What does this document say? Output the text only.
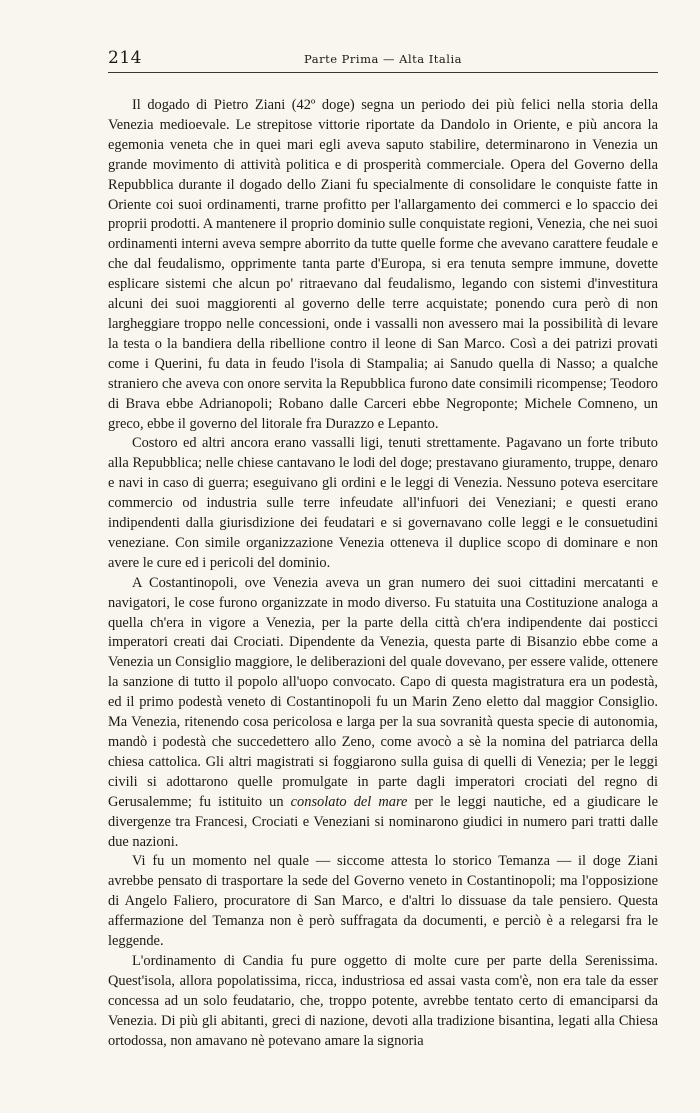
214	Parte Prima — Alta Italia

Il dogado di Pietro Ziani (42º doge) segna un periodo dei più felici nella storia della Venezia medioevale. Le strepitose vittorie riportate da Dandolo in Oriente, e più ancora la egemonia veneta che in quei mari egli aveva saputo stabilire, determinarono in Venezia un grande movimento di attività politica e di prosperità commerciale. Opera del Governo della Repubblica durante il dogado dello Ziani fu specialmente di consolidare le conquiste fatte in Oriente coi suoi ordinamenti, trarne profitto per l'allargamento dei commerci e lo spaccio dei proprii prodotti. A mantenere il proprio dominio sulle conquistate regioni, Venezia, che nei suoi ordinamenti interni aveva sempre aborrito da tutte quelle forme che avevano carattere feudale e che dal feudalismo, opprimente tanta parte d'Europa, si era tenuta sempre immune, dovette esplicare sistemi che alcun po' ritraevano dal feudalismo, legando con sistemi d'investitura alcuni dei suoi maggiorenti al governo delle terre acquistate; ponendo cura però di non largheggiare troppo nelle concessioni, onde i vassalli non avessero mai la possibilità di levare la testa o la bandiera della ribellione contro il leone di San Marco. Così a dei patrizi provati come i Querini, fu data in feudo l'isola di Stampalia; ai Sanudo quella di Nasso; a qualche straniero che aveva con onore servita la Repubblica furono date consimili ricompense; Teodoro di Brava ebbe Adrianopoli; Robano dalle Carceri ebbe Negroponte; Michele Comneno, un greco, ebbe il governo del litorale fra Durazzo e Lepanto.

Costoro ed altri ancora erano vassalli ligi, tenuti strettamente. Pagavano un forte tributo alla Repubblica; nelle chiese cantavano le lodi del doge; prestavano giuramento, truppe, denaro e navi in caso di guerra; eseguivano gli ordini e le leggi di Venezia. Nessuno poteva esercitare commercio od industria sulle terre infeudate all'infuori dei Veneziani; e questi erano indipendenti dalla giurisdizione dei feudatari e si governavano colle leggi e le consuetudini veneziane. Con simile organizzazione Venezia otteneva il duplice scopo di dominare e non avere le cure ed i pericoli del dominio.

A Costantinopoli, ove Venezia aveva un gran numero dei suoi cittadini mercatanti e navigatori, le cose furono organizzate in modo diverso. Fu statuita una Costituzione analoga a quella ch'era in vigore a Venezia, per la parte della città ch'era indipendente dai posticci imperatori creati dai Crociati. Dipendente da Venezia, questa parte di Bisanzio ebbe come a Venezia un Consiglio maggiore, le deliberazioni del quale dovevano, per essere valide, ottenere la sanzione di tutto il popolo all'uopo convocato. Capo di questa magistratura era un podestà, ed il primo podestà veneto di Costantinopoli fu un Marin Zeno eletto dal maggior Consiglio. Ma Venezia, ritenendo cosa pericolosa e larga per la sua sovranità questa specie di autonomia, mandò i podestà che succedettero allo Zeno, come avocò a sè la nomina del patriarca della chiesa cattolica. Gli altri magistrati si foggiarono sulla guisa di quelli di Venezia; per le leggi civili si adottarono quelle promulgate in parte dagli imperatori crociati del regno di Gerusalemme; fu istituito un consolato del mare per le leggi nautiche, ed a giudicare le divergenze tra Francesi, Crociati e Veneziani si nominarono giudici in numero pari tratti dalle due nazioni.

Vi fu un momento nel quale — siccome attesta lo storico Temanza — il doge Ziani avrebbe pensato di trasportare la sede del Governo veneto in Costantinopoli; ma l'opposizione di Angelo Faliero, procuratore di San Marco, e d'altri lo dissuase da tale pensiero. Questa affermazione del Temanza non è però suffragata da documenti, e perciò è a relegarsi fra le leggende.

L'ordinamento di Candia fu pure oggetto di molte cure per parte della Serenissima. Quest'isola, allora popolatissima, ricca, industriosa ed assai vasta com'è, non era tale da esser concessa ad un solo feudatario, che, troppo potente, avrebbe tentato certo di emanciparsi da Venezia. Di più gli abitanti, greci di nazione, devoti alla tradizione bisantina, legati alla Chiesa ortodossa, non amavano nè potevano amare la signoria
